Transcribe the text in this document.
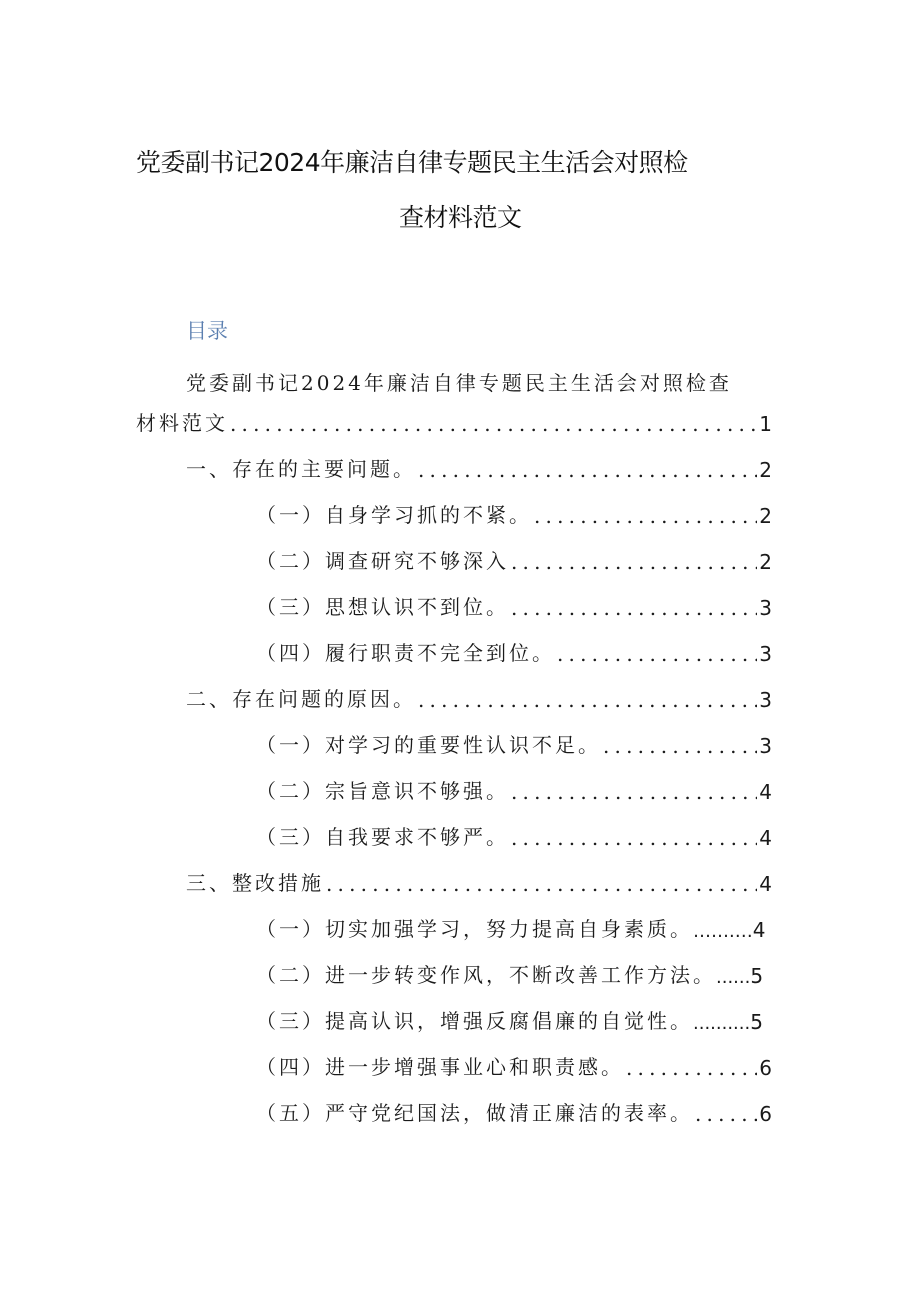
党委副书记2024年廉洁自律专题民主生活会对照检
查材料范文
目录
党委副书记2024年廉洁自律专题民主生活会对照检查
材料范文 .....	1
一、存在的主要问题。 .....	2
（一）自身学习抓的不紧。 .....	2
（二）调查研究不够深入 .....	2
（三）思想认识不到位。 .....	3
（四）履行职责不完全到位。 .....	3
二、存在问题的原因。 .....	3
（一）对学习的重要性认识不足。 .....	3
（二）宗旨意识不够强。 .....	4
（三）自我要求不够严。 .....	4
三、整改措施 .....	4
（一）切实加强学习，努力提高自身素质。 …….… 4
（二）进一步转变作风，不断改善工作方法。 ...... 5
（三）提高认识，增强反腐倡廉的自觉性。 .......... 5
（四）进一步增强事业心和职责感。 .....	6
（五）严守党纪国法，做清正廉洁的表率。 .....	6
